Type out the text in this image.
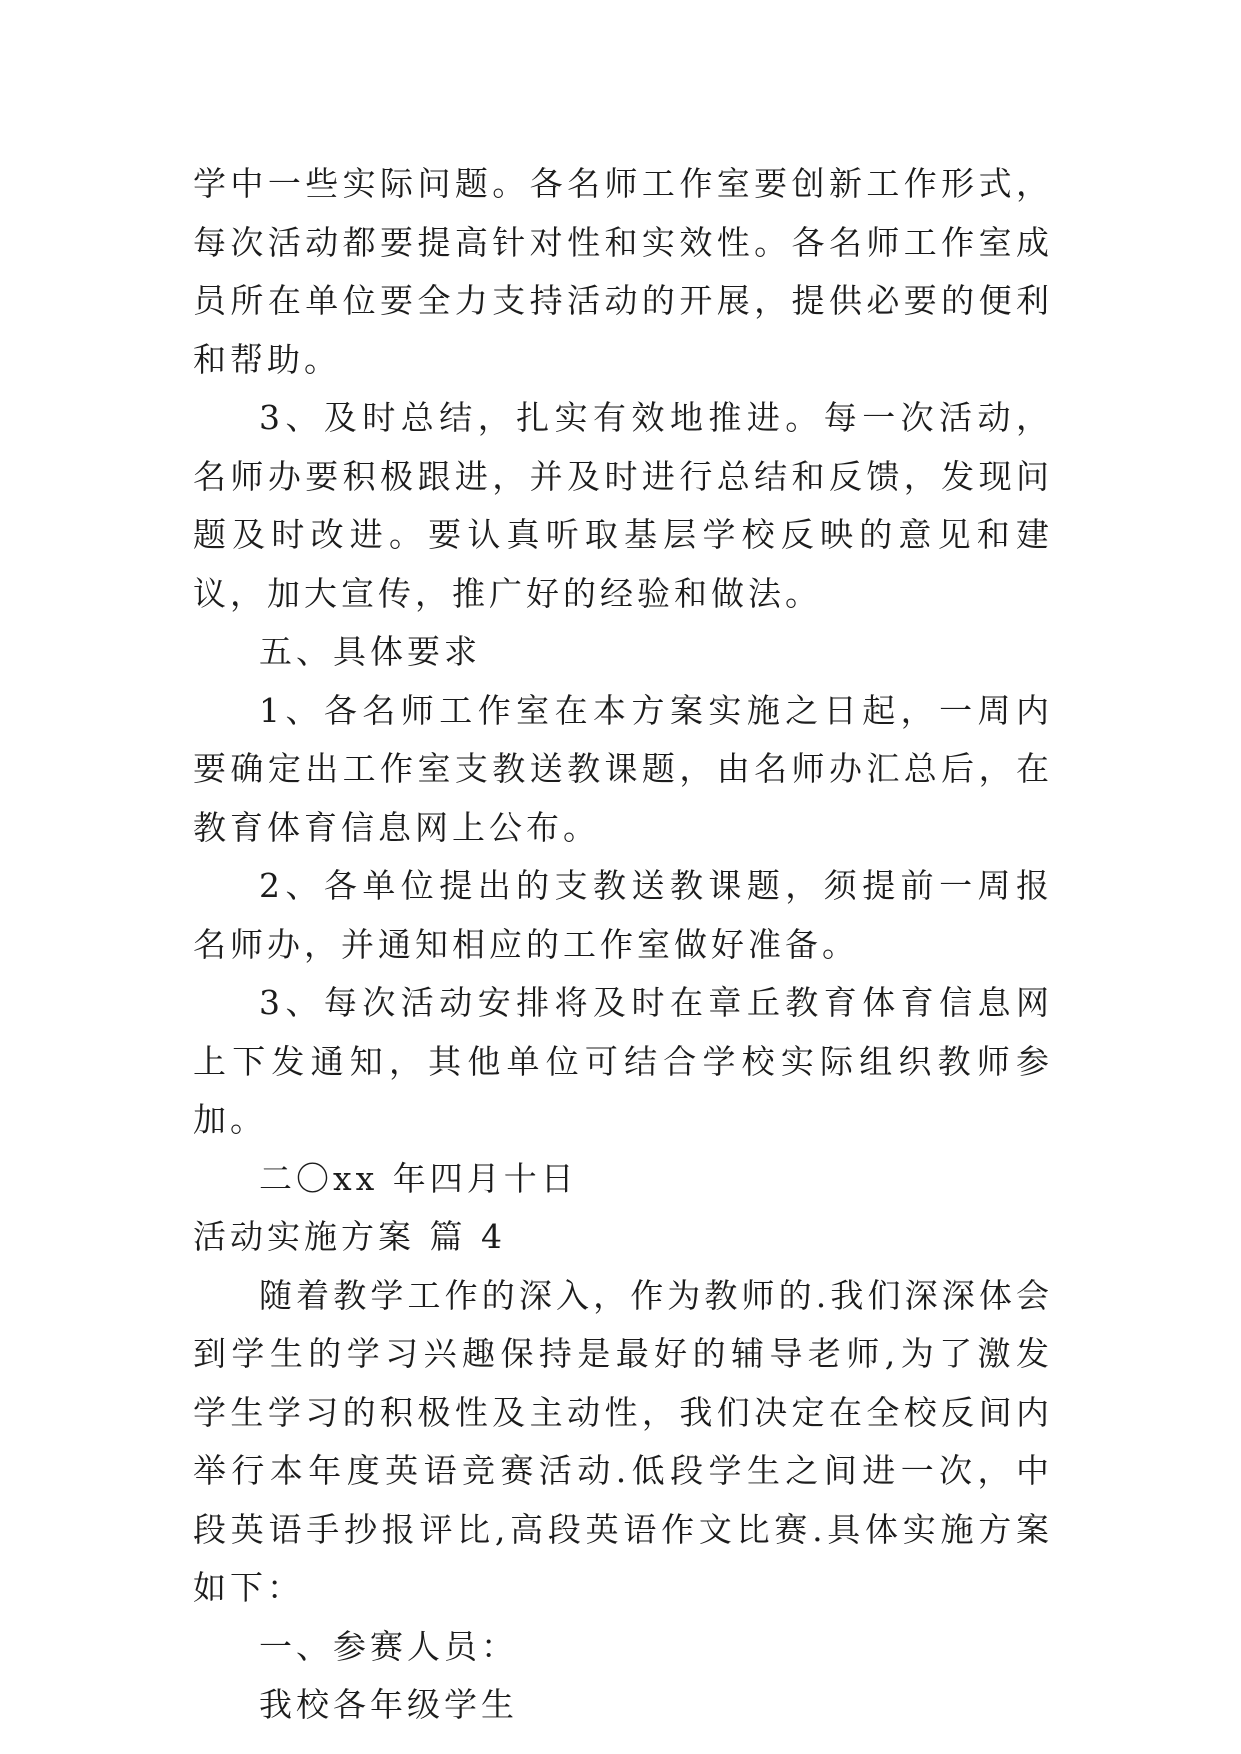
学中一些实际问题。各名师工作室要创新工作形式，每次活动都要提高针对性和实效性。各名师工作室成员所在单位要全力支持活动的开展，提供必要的便利和帮助。

3、及时总结，扎实有效地推进。每一次活动，名师办要积极跟进，并及时进行总结和反馈，发现问题及时改进。要认真听取基层学校反映的意见和建议，加大宣传，推广好的经验和做法。

五、具体要求

1、各名师工作室在本方案实施之日起，一周内要确定出工作室支教送教课题，由名师办汇总后，在教育体育信息网上公布。

2、各单位提出的支教送教课题，须提前一周报名师办，并通知相应的工作室做好准备。

3、每次活动安排将及时在章丘教育体育信息网上下发通知，其他单位可结合学校实际组织教师参加。

二〇xx 年四月十日

活动实施方案 篇 4

随着教学工作的深入，作为教师的.我们深深体会到学生的学习兴趣保持是最好的辅导老师,为了激发学生学习的积极性及主动性，我们决定在全校反间内举行本年度英语竞赛活动.低段学生之间进一次，中段英语手抄报评比,高段英语作文比赛.具体实施方案如下：

一、参赛人员：

我校各年级学生
